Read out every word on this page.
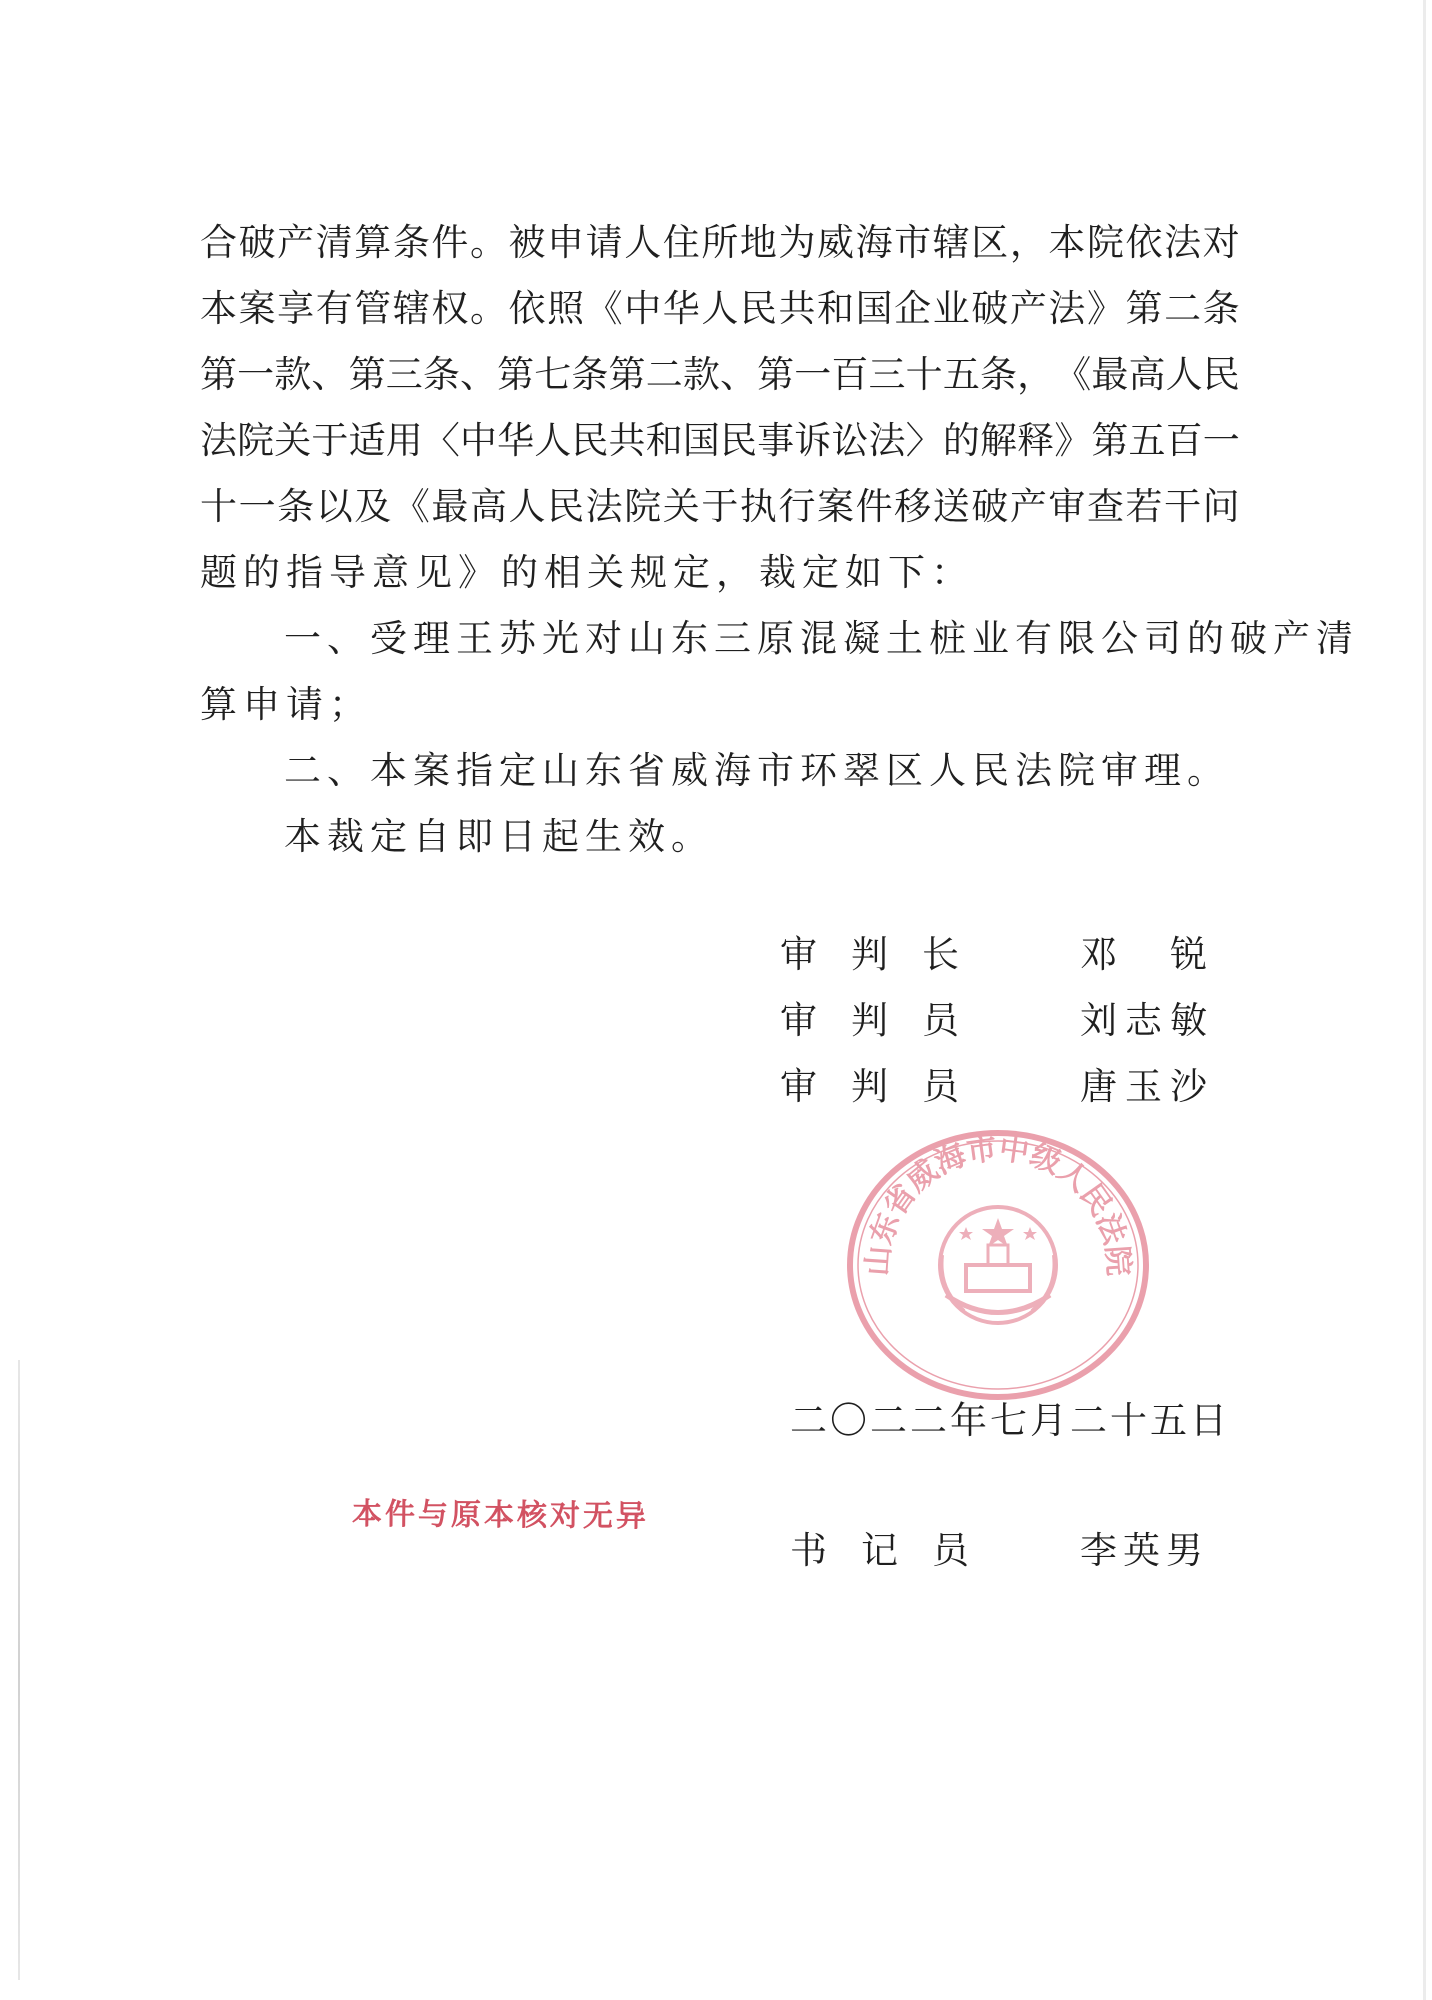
合 破 产 清 算 条 件 。 被 申 请 人 住 所 地 为 威 海 市 辖 区 ， 本 院 依 法 对
本 案 享 有 管 辖 权 。 依 照 《 中 华 人 民 共 和 国 企 业 破 产 法 》 第 二 条
第 一 款 、 第 三 条 、 第 七 条 第 二 款 、 第 一 百 三 十 五 条 ， 《 最 高 人 民
法 院 关 于 适 用 〈 中 华 人 民 共 和 国 民 事 诉 讼 法 〉 的 解 释 》 第 五 百 一
十 一 条 以 及 《 最 高 人 民 法 院 关 于 执 行 案 件 移 送 破 产 审 查 若 干 问
题的指导意见》的相关规定，裁定如下：
一、受理王苏光对山东三原混凝土桩业有限公司的破产清
算申请；
二、本案指定山东省威海市环翠区人民法院审理。
本裁定自即日起生效。
审判长	邓　锐
审判员	刘志敏
审判员	唐玉沙
山东省威海市中级人民法院
二〇二二年七月二十五日
本件与原本核对无异
书记员	李英男
